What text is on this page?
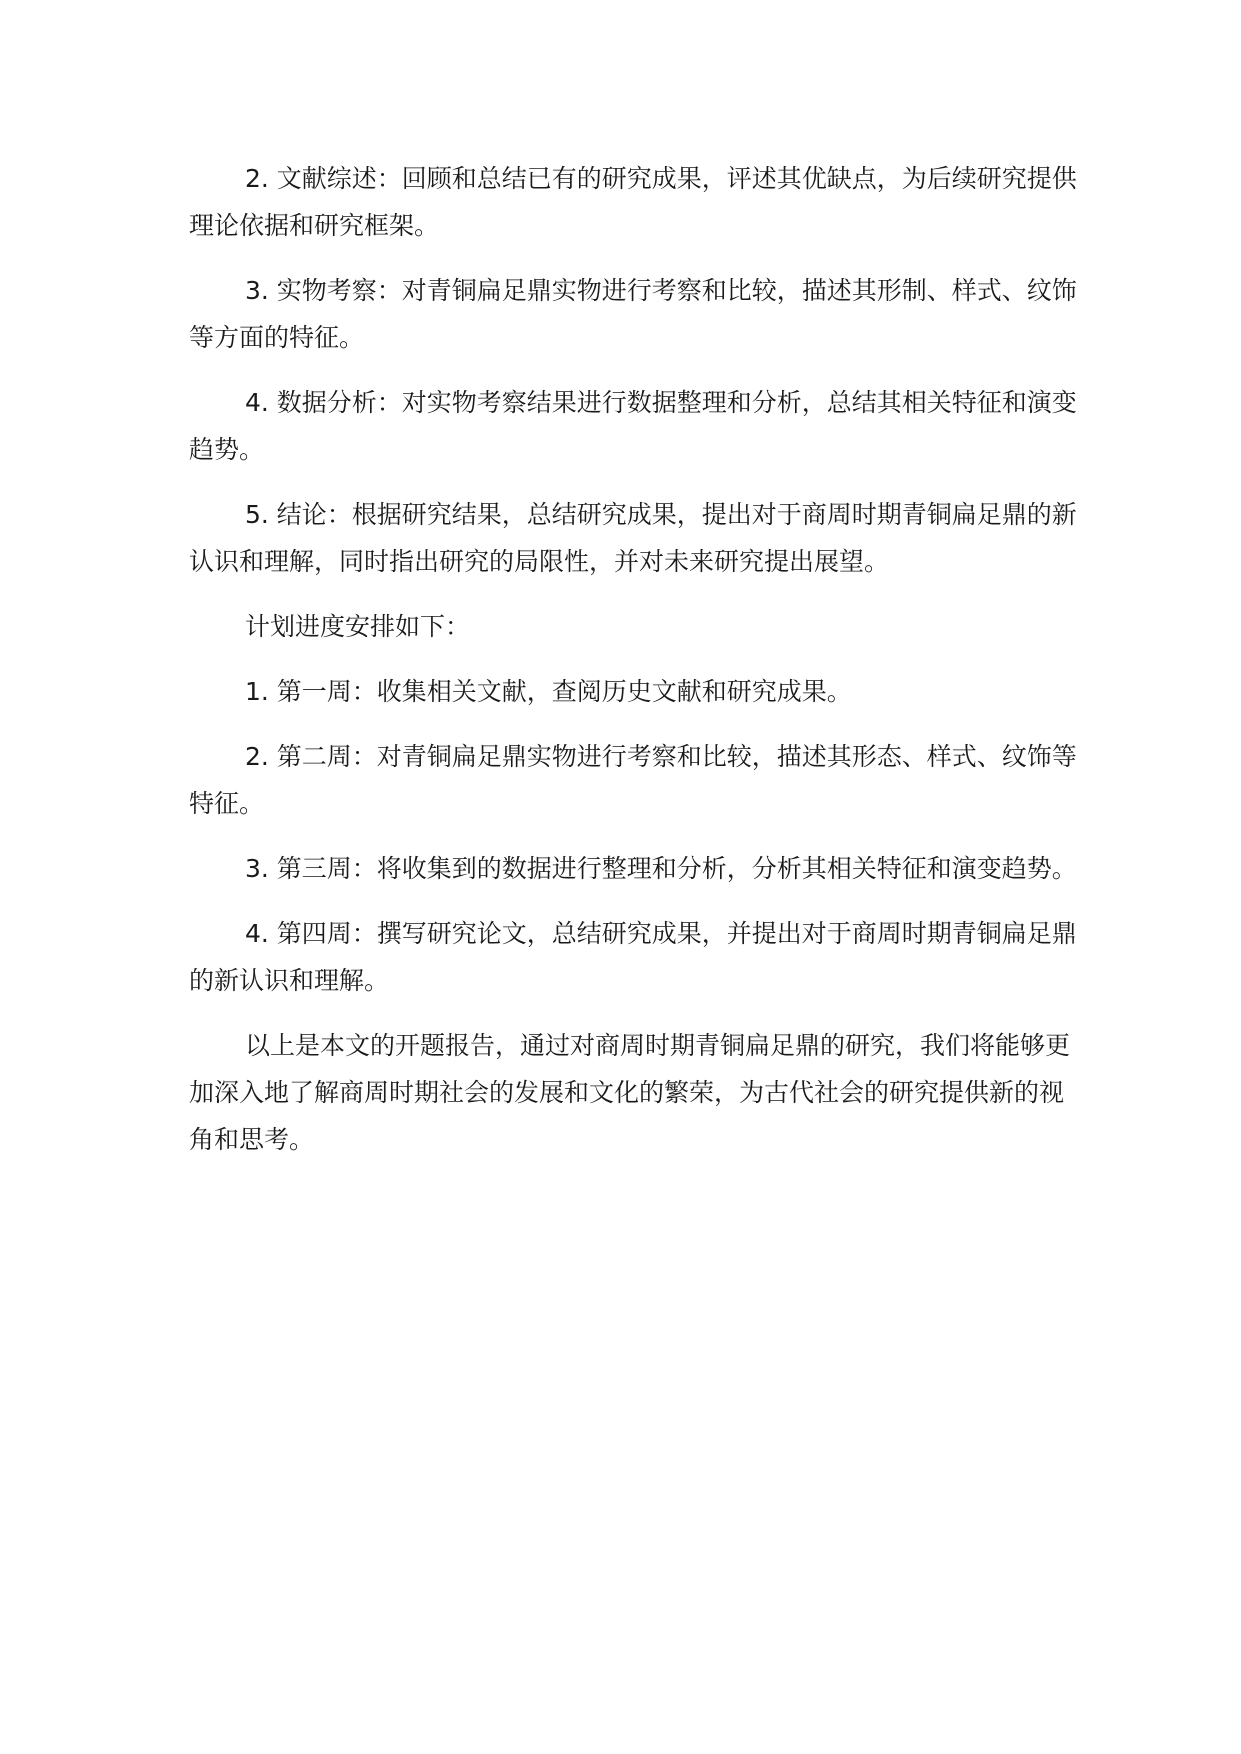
2. 文献综述：回顾和总结已有的研究成果，评述其优缺点，为后续研究提供理论依据和研究框架。

3. 实物考察：对青铜扁足鼎实物进行考察和比较，描述其形制、样式、纹饰等方面的特征。

4. 数据分析：对实物考察结果进行数据整理和分析，总结其相关特征和演变趋势。

5. 结论：根据研究结果，总结研究成果，提出对于商周时期青铜扁足鼎的新认识和理解，同时指出研究的局限性，并对未来研究提出展望。

计划进度安排如下：

1. 第一周：收集相关文献，查阅历史文献和研究成果。

2. 第二周：对青铜扁足鼎实物进行考察和比较，描述其形态、样式、纹饰等特征。

3. 第三周：将收集到的数据进行整理和分析，分析其相关特征和演变趋势。

4. 第四周：撰写研究论文，总结研究成果，并提出对于商周时期青铜扁足鼎的新认识和理解。

以上是本文的开题报告，通过对商周时期青铜扁足鼎的研究，我们将能够更加深入地了解商周时期社会的发展和文化的繁荣，为古代社会的研究提供新的视角和思考。
